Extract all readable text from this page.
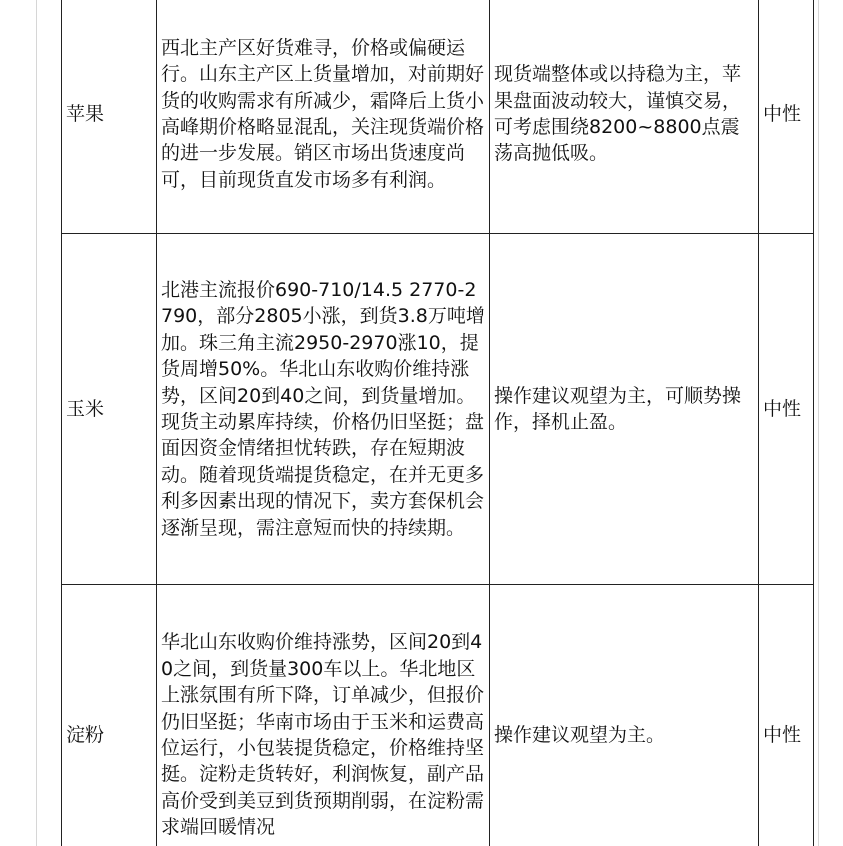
苹果	西北主产区好货难寻，价格或偏硬运行。山东主产区上货量增加，对前期好货的收购需求有所减少，霜降后上货小高峰期价格略显混乱，关注现货端价格的进一步发展。销区市场出货速度尚可，目前现货直发市场多有利润。	现货端整体或以持稳为主，苹果盘面波动较大，谨慎交易，可考虑围绕8200~8800点震荡高抛低吸。	中性

玉米	北港主流报价690-710/14.5 2770-2790，部分2805小涨，到货3.8万吨增加。珠三角主流2950-2970涨10，提货周增50%。华北山东收购价维持涨势，区间20到40之间，到货量增加。现货主动累库持续，价格仍旧坚挺；盘面因资金情绪担忧转跌，存在短期波动。随着现货端提货稳定，在并无更多利多因素出现的情况下，卖方套保机会逐渐呈现，需注意短而快的持续期。	操作建议观望为主，可顺势操作，择机止盈。	中性

淀粉	华北山东收购价维持涨势，区间20到40之间，到货量300车以上。华北地区上涨氛围有所下降，订单减少，但报价仍旧坚挺；华南市场由于玉米和运费高位运行，小包装提货稳定，价格维持坚挺。淀粉走货转好，利润恢复，副产品高价受到美豆到货预期削弱，在淀粉需求端回暖情况	操作建议观望为主。	中性
